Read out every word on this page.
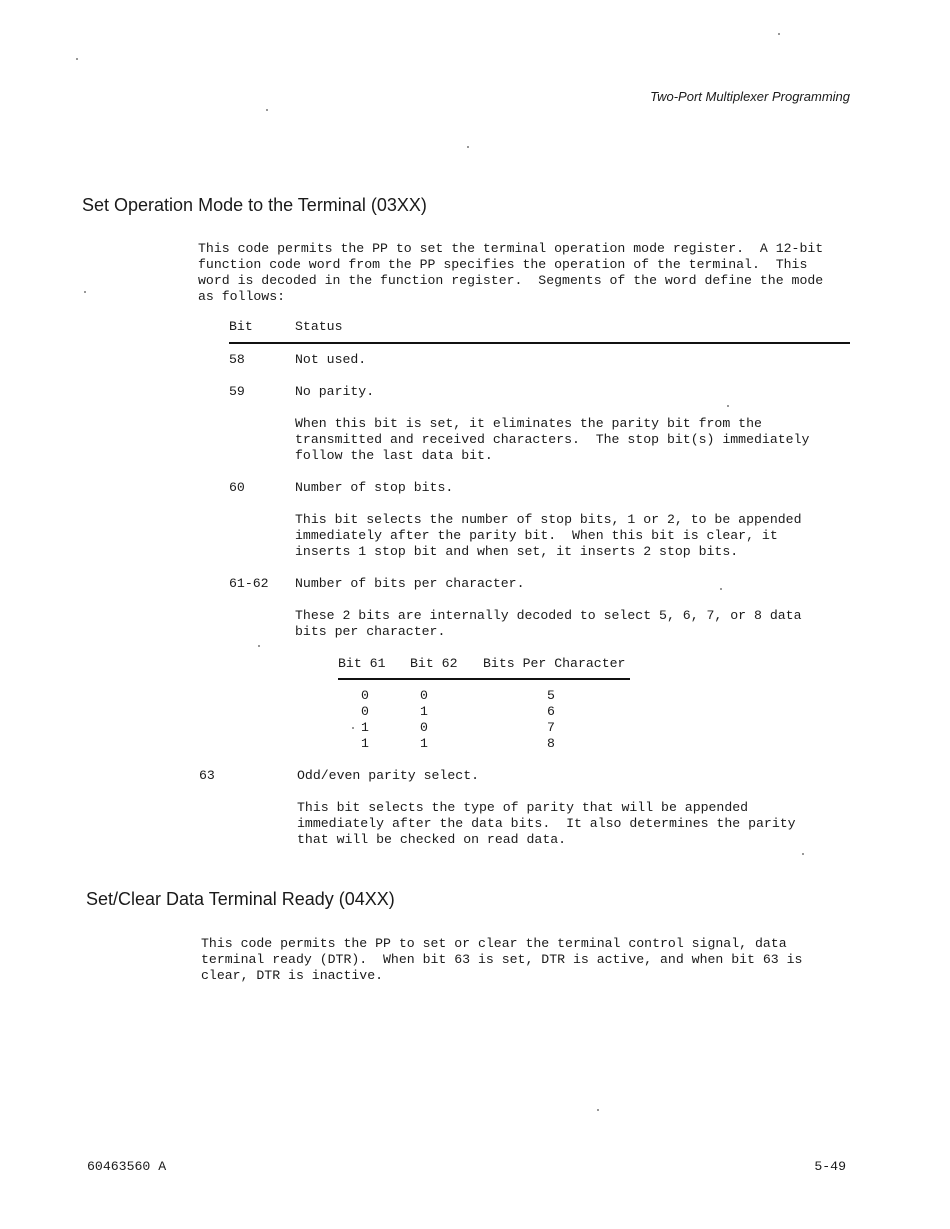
Two-Port Multiplexer Programming
Set Operation Mode to the Terminal (03XX)
This code permits the PP to set the terminal operation mode register.  A 12-bit
function code word from the PP specifies the operation of the terminal.  This
word is decoded in the function register.  Segments of the word define the mode
as follows:
Bit	Status
58	Not used.
59	No parity.
When this bit is set, it eliminates the parity bit from the
transmitted and received characters.  The stop bit(s) immediately
follow the last data bit.
60	Number of stop bits.
This bit selects the number of stop bits, 1 or 2, to be appended
immediately after the parity bit.  When this bit is clear, it
inserts 1 stop bit and when set, it inserts 2 stop bits.
61-62 Number of bits per character.
These 2 bits are internally decoded to select 5, 6, 7, or 8 data
bits per character.
Bit 61 Bit 62 Bits Per Character
0	0	5
0	1	6
1	0	7
1	1	8
63	Odd/even parity select.
This bit selects the type of parity that will be appended
immediately after the data bits.  It also determines the parity
that will be checked on read data.
Set/Clear Data Terminal Ready (04XX)
This code permits the PP to set or clear the terminal control signal, data
terminal ready (DTR).  When bit 63 is set, DTR is active, and when bit 63 is
clear, DTR is inactive.
60463560 A	5-49
